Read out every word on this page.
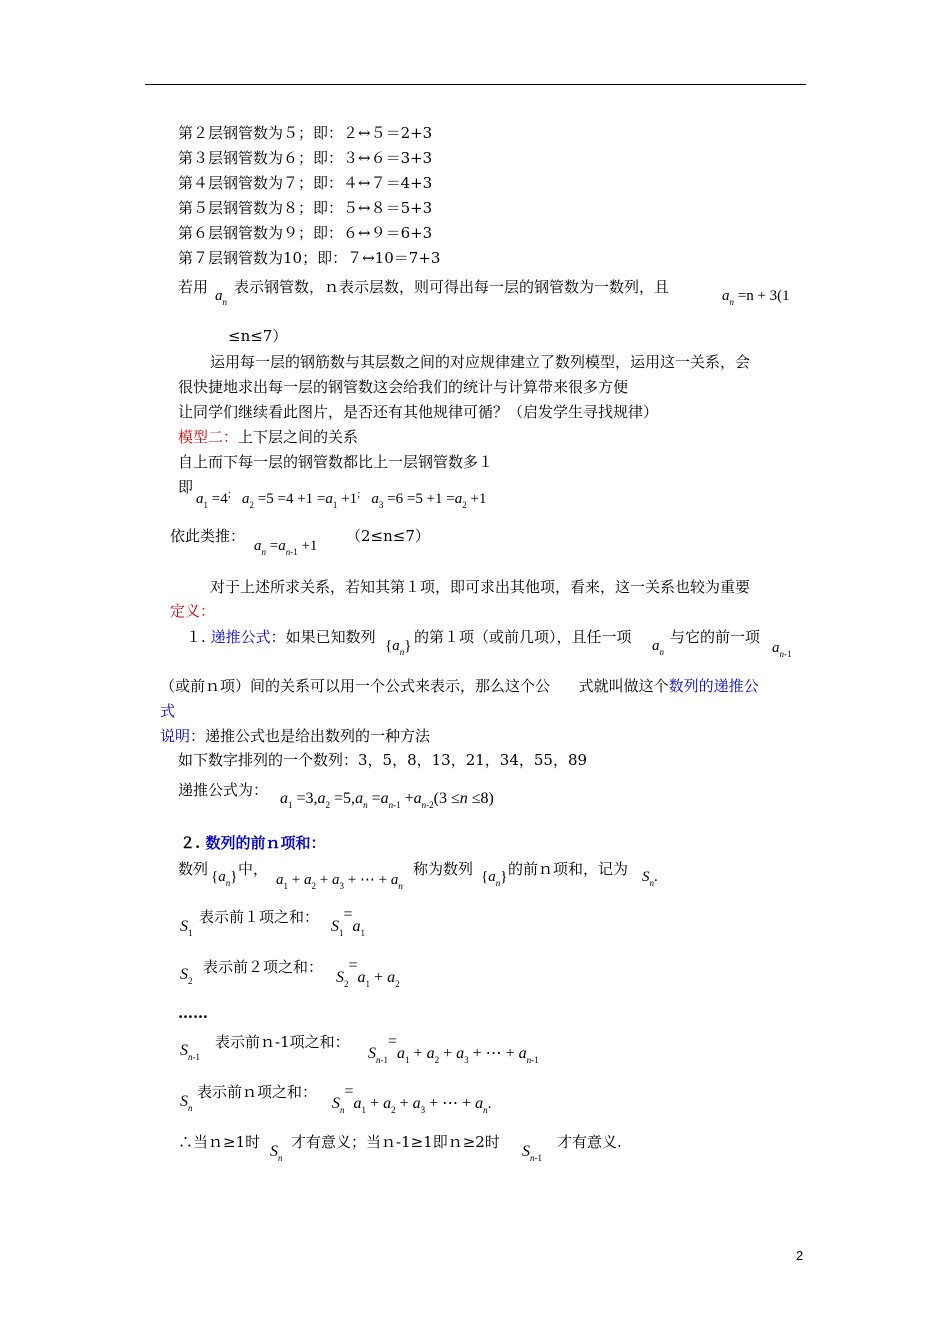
第２层钢管数为５；即：２↔５＝2+3
第３层钢管数为６；即：３↔６＝3+3
第４层钢管数为７；即：４↔７＝4+3
第５层钢管数为８；即：５↔８＝5+3
第６层钢管数为９；即：６↔９＝6+3
第７层钢管数为10；即：７↔10＝7+3
若用 $a_n$
表示钢管数，ｎ表示层数，则可得出每一层的钢管数为一数列，且	$a_n =n + 3(1$
≤n≤7）
运用每一层的钢筋数与其层数之间的对应规律建立了数列模型，运用这一关系，会
很快捷地求出每一层的钢管数这会给我们的统计与计算带来很多方便
让同学们继续看此图片，是否还有其他规律可循？（启发学生寻找规律）
模型二：上下层之间的关系
自上而下每一层的钢管数都比上一层钢管数多１
即
$a_1 =4^;$ $a_2 =5 =4 +1 =a_1 +1^;$ $a_3 =6 =5 +1 =a_2 +1$
依此类推：
$a_n =a_{n-1} +1$
（2≤n≤7）
对于上述所求关系，若知其第１项，即可求出其他项，看来，这一关系也较为重要
定义：
１. 递推公式：如果已知数列 $\{a_n\}$ 的第１项（或前几项），且任一项 $a_n$
与它的前一项
$a_{n-1}$
（或前ｎ项）间的关系可以用一个公式来表示，那么这个公 式就叫做这个数列的递推公
式
说明：递推公式也是给出数列的一种方法
如下数字排列的一个数列：3，5，8，13，21，34，55，89
递推公式为： $a_1 =3,a_2 =5,a_n =a_{n-1} +a_{n-2}(3 \le n \le 8)$
２. 数列的前ｎ项和：
数列 $\{a_n\}$ 中，
$a_1 + a_2 + a_3$ + ⋯ + $a_n$
称为数列 $\{a_n\}$ 的前ｎ项和，记为 $S_n$.
$S_1$
表示前１项之和：
$S_1 =a_1$
$S_2$
表示前２项之和：
$S_2 =a_1 + a_2$
……
$S_{n-1}$
表示前ｎ-1项之和：
$S_{n-1} =a_1 + a_2 + a_3$ + ⋯ + $a_{n-1}$
$S_n$
表示前ｎ项之和：
$S_n =a_1 + a_2 + a_3$ + ⋯ + $a_n$.
∴当ｎ≥1时
$S_n$
才有意义；当ｎ-1≥1即ｎ≥2时
$S_{n-1}$
才有意义.
2
